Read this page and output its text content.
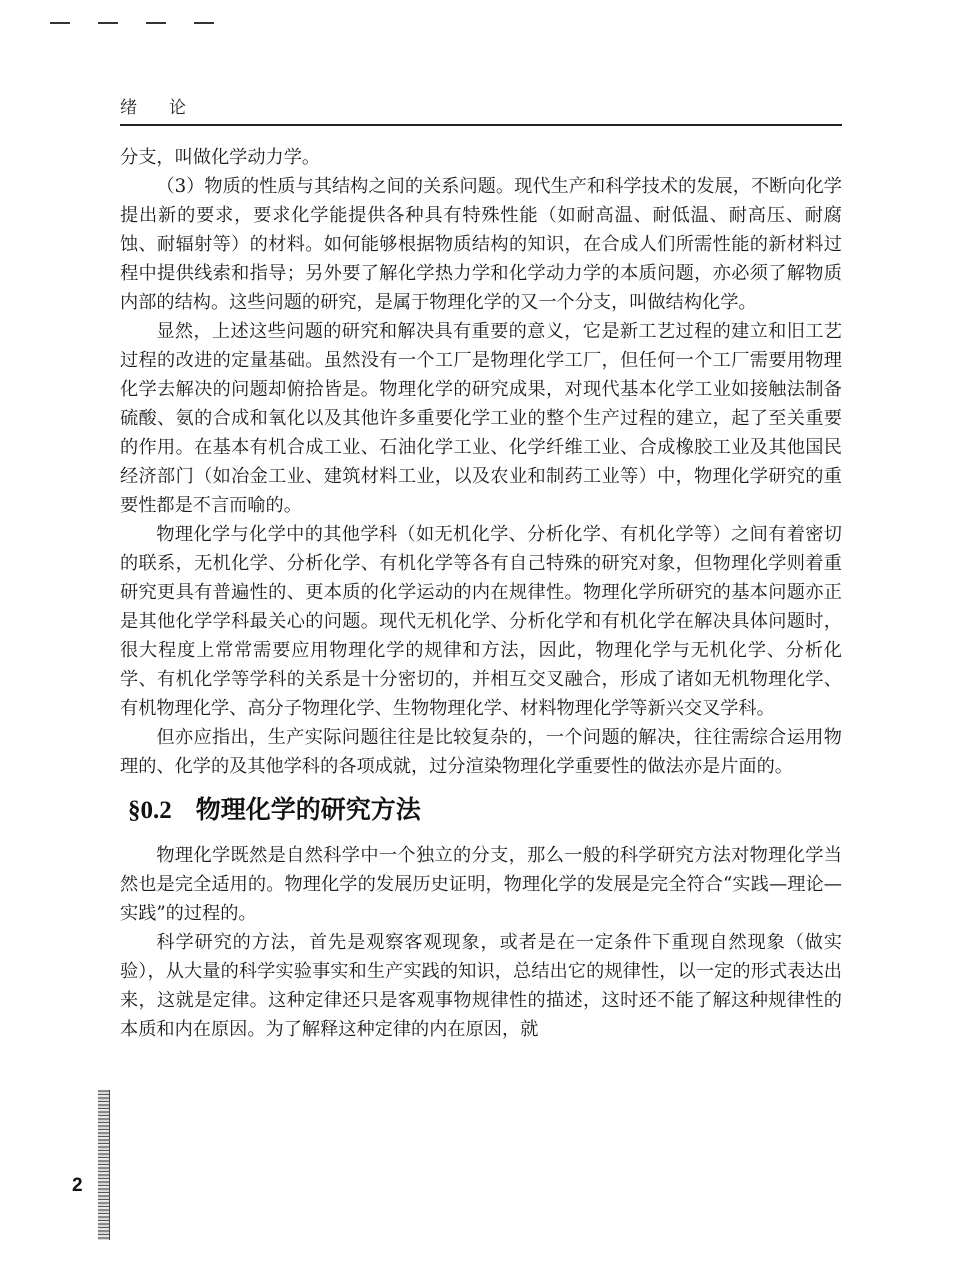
绪论

分支，叫做化学动力学。

（3）物质的性质与其结构之间的关系问题。现代生产和科学技术的发展，不断向化学提出新的要求，要求化学能提供各种具有特殊性能（如耐高温、耐低温、耐高压、耐腐蚀、耐辐射等）的材料。如何能够根据物质结构的知识，在合成人们所需性能的新材料过程中提供线索和指导；另外要了解化学热力学和化学动力学的本质问题，亦必须了解物质内部的结构。这些问题的研究，是属于物理化学的又一个分支，叫做结构化学。

显然，上述这些问题的研究和解决具有重要的意义，它是新工艺过程的建立和旧工艺过程的改进的定量基础。虽然没有一个工厂是物理化学工厂，但任何一个工厂需要用物理化学去解决的问题却俯拾皆是。物理化学的研究成果，对现代基本化学工业如接触法制备硫酸、氨的合成和氧化以及其他许多重要化学工业的整个生产过程的建立，起了至关重要的作用。在基本有机合成工业、石油化学工业、化学纤维工业、合成橡胶工业及其他国民经济部门（如冶金工业、建筑材料工业，以及农业和制药工业等）中，物理化学研究的重要性都是不言而喻的。

物理化学与化学中的其他学科（如无机化学、分析化学、有机化学等）之间有着密切的联系，无机化学、分析化学、有机化学等各有自己特殊的研究对象，但物理化学则着重研究更具有普遍性的、更本质的化学运动的内在规律性。物理化学所研究的基本问题亦正是其他化学学科最关心的问题。现代无机化学、分析化学和有机化学在解决具体问题时，很大程度上常常需要应用物理化学的规律和方法，因此，物理化学与无机化学、分析化学、有机化学等学科的关系是十分密切的，并相互交叉融合，形成了诸如无机物理化学、有机物理化学、高分子物理化学、生物物理化学、材料物理化学等新兴交叉学科。

但亦应指出，生产实际问题往往是比较复杂的，一个问题的解决，往往需综合运用物理的、化学的及其他学科的各项成就，过分渲染物理化学重要性的做法亦是片面的。

§0.2 物理化学的研究方法

物理化学既然是自然科学中一个独立的分支，那么一般的科学研究方法对物理化学当然也是完全适用的。物理化学的发展历史证明，物理化学的发展是完全符合“实践—理论—实践”的过程的。

科学研究的方法，首先是观察客观现象，或者是在一定条件下重现自然现象（做实验），从大量的科学实验事实和生产实践的知识，总结出它的规律性，以一定的形式表达出来，这就是定律。这种定律还只是客观事物规律性的描述，这时还不能了解这种规律性的本质和内在原因。为了解释这种定律的内在原因，就

2
